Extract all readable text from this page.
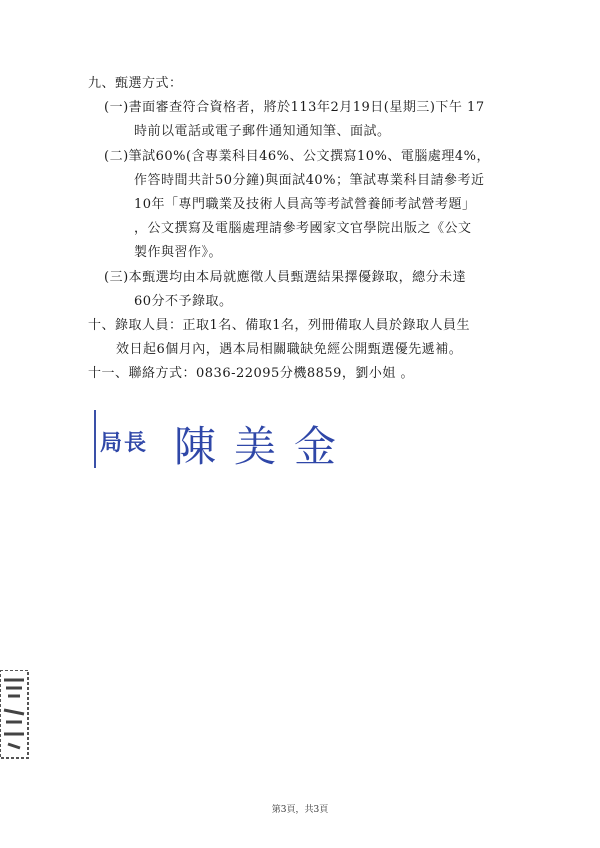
九、甄選方式：
(一)書面審查符合資格者，將於113年2月19日(星期三)下午 17
時前以電話或電子郵件通知通知筆、面試。
(二)筆試60%(含專業科目46%、公文撰寫10%、電腦處理4%，
作答時間共計50分鐘)與面試40%；筆試專業科目請參考近
10年「專門職業及技術人員高等考試營養師考試營考題」
，公文撰寫及電腦處理請參考國家文官學院出版之《公文
製作與習作》。
(三)本甄選均由本局就應徵人員甄選結果擇優錄取，總分未達
60分不予錄取。
十、錄取人員：正取1名、備取1名，列冊備取人員於錄取人員生
效日起6個月內，遇本局相關職缺免經公開甄選優先遞補。
十一、聯絡方式：0836-22095分機8859，劉小姐 。
局長 陳美金
第3頁，共3頁
